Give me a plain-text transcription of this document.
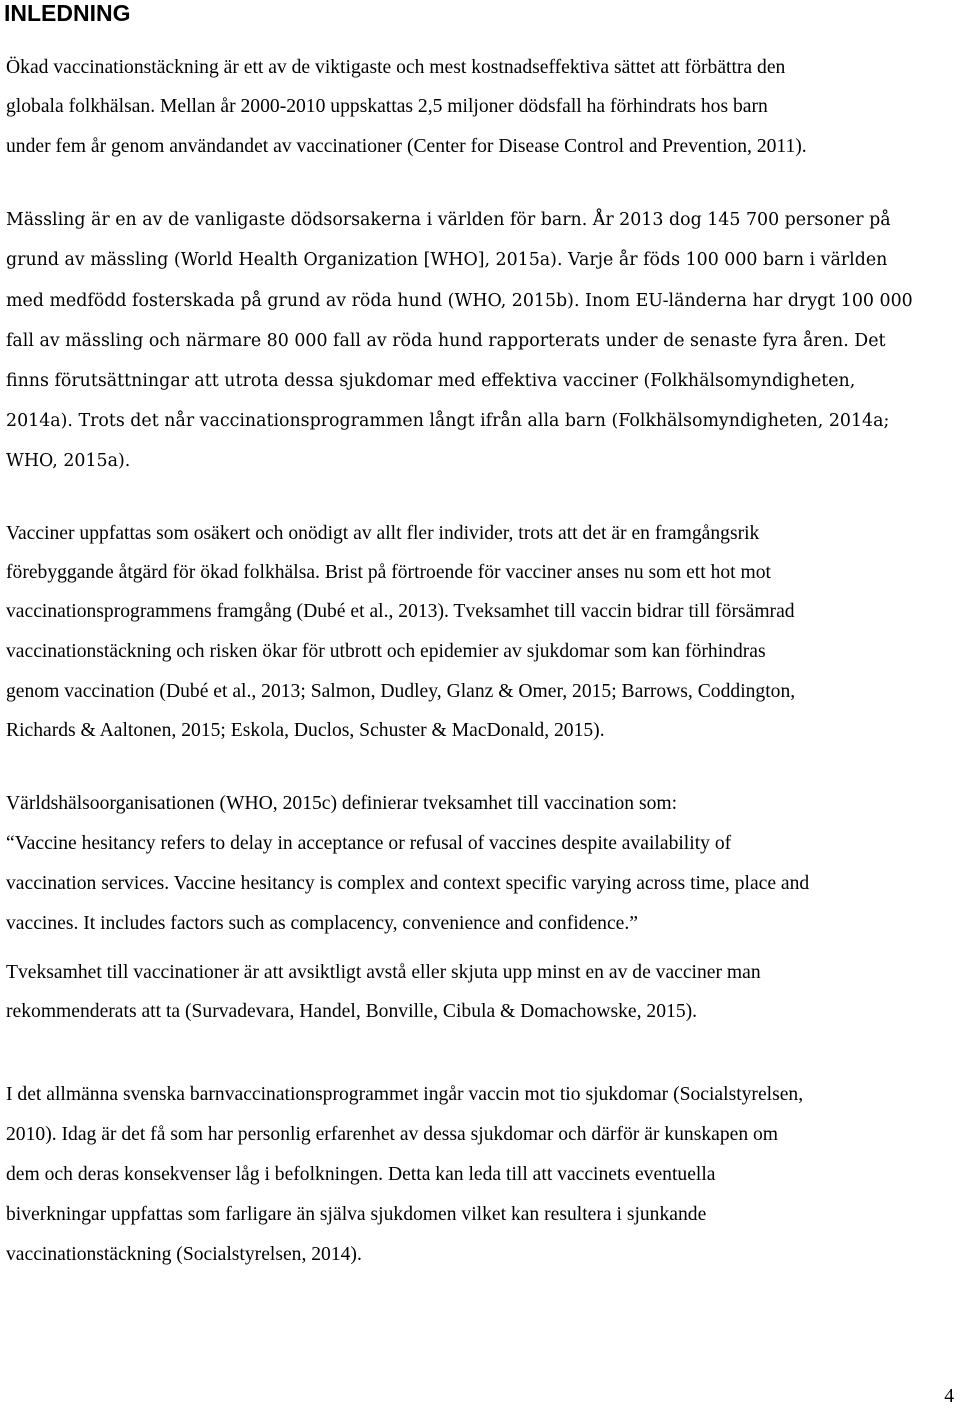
INLEDNING
Ökad vaccinationstäckning är ett av de viktigaste och mest kostnadseffektiva sättet att förbättra den
globala folkhälsan. Mellan år 2000-2010 uppskattas 2,5 miljoner dödsfall ha förhindrats hos barn
under fem år genom användandet av vaccinationer (Center for Disease Control and Prevention, 2011).
Mässling är en av de vanligaste dödsorsakerna i världen för barn. År 2013 dog 145 700 personer på
grund av mässling (World Health Organization [WHO], 2015a). Varje år föds 100 000 barn i världen
med medfödd fosterskada på grund av röda hund (WHO, 2015b). Inom EU-länderna har drygt 100 000
fall av mässling och närmare 80 000 fall av röda hund rapporterats under de senaste fyra åren. Det
finns förutsättningar att utrota dessa sjukdomar med effektiva vacciner (Folkhälsomyndigheten,
2014a). Trots det når vaccinationsprogrammen långt ifrån alla barn (Folkhälsomyndigheten, 2014a;
WHO, 2015a).
Vacciner uppfattas som osäkert och onödigt av allt fler individer, trots att det är en framgångsrik
förebyggande åtgärd för ökad folkhälsa. Brist på förtroende för vacciner anses nu som ett hot mot
vaccinationsprogrammens framgång (Dubé et al., 2013). Tveksamhet till vaccin bidrar till försämrad
vaccinationstäckning och risken ökar för utbrott och epidemier av sjukdomar som kan förhindras
genom vaccination (Dubé et al., 2013; Salmon, Dudley, Glanz & Omer, 2015; Barrows, Coddington,
Richards & Aaltonen, 2015; Eskola, Duclos, Schuster & MacDonald, 2015).
Världshälsoorganisationen (WHO, 2015c) definierar tveksamhet till vaccination som:
“Vaccine hesitancy refers to delay in acceptance or refusal of vaccines despite availability of
vaccination services. Vaccine hesitancy is complex and context specific varying across time, place and
vaccines. It includes factors such as complacency, convenience and confidence.”
Tveksamhet till vaccinationer är att avsiktligt avstå eller skjuta upp minst en av de vacciner man
rekommenderats att ta (Survadevara, Handel, Bonville, Cibula & Domachowske, 2015).
I det allmänna svenska barnvaccinationsprogrammet ingår vaccin mot tio sjukdomar (Socialstyrelsen,
2010). Idag är det få som har personlig erfarenhet av dessa sjukdomar och därför är kunskapen om
dem och deras konsekvenser låg i befolkningen. Detta kan leda till att vaccinets eventuella
biverkningar uppfattas som farligare än själva sjukdomen vilket kan resultera i sjunkande
vaccinationstäckning (Socialstyrelsen, 2014).
4
